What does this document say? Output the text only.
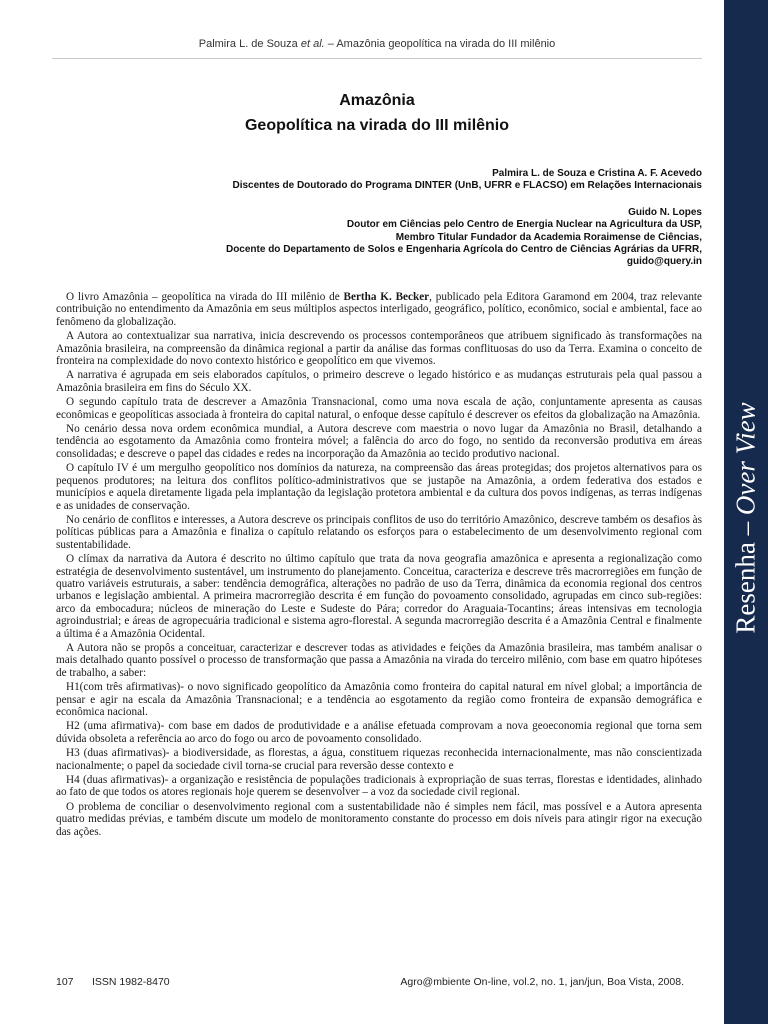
Palmira L. de Souza et al. – Amazônia geopolítica na virada do III milênio
Amazônia
Geopolítica na virada do III milênio
Palmira L. de Souza e Cristina A. F. Acevedo
Discentes de Doutorado do Programa DINTER (UnB, UFRR e FLACSO) em Relações Internacionais
Guido N. Lopes
Doutor em Ciências pelo Centro de Energia Nuclear na Agricultura da USP,
Membro Titular Fundador da Academia Roraimense de Ciências,
Docente do Departamento de Solos e Engenharia Agrícola do Centro de Ciências Agrárias da UFRR,
guido@query.in

O livro Amazônia – geopolítica na virada do III milênio de Bertha K. Becker, publicado pela Editora Garamond em 2004, traz relevante contribuição no entendimento da Amazônia em seus múltiplos aspectos interligado, geográfico, político, econômico, social e ambiental, face ao fenômeno da globalização.

A Autora ao contextualizar sua narrativa, inicia descrevendo os processos contemporâneos que atribuem significado às transformações na Amazônia brasileira, na compreensão da dinâmica regional a partir da análise das formas conflituosas do uso da Terra. Examina o conceito de fronteira na complexidade do novo contexto histórico e geopolítico em que vivemos.

A narrativa é agrupada em seis elaborados capítulos, o primeiro descreve o legado histórico e as mudanças estruturais pela qual passou a Amazônia brasileira em fins do Século XX.

O segundo capítulo trata de descrever a Amazônia Transnacional, como uma nova escala de ação, conjuntamente apresenta as causas econômicas e geopolíticas associada à fronteira do capital natural, o enfoque desse capítulo é descrever os efeitos da globalização na Amazônia.

No cenário dessa nova ordem econômica mundial, a Autora descreve com maestria o novo lugar da Amazônia no Brasil, detalhando a tendência ao esgotamento da Amazônia como fronteira móvel; a falência do arco do fogo, no sentido da reconversão produtiva em áreas consolidadas; e descreve o papel das cidades e redes na incorporação da Amazônia ao tecido produtivo nacional.

O capítulo IV é um mergulho geopolítico nos domínios da natureza, na compreensão das áreas protegidas; dos projetos alternativos para os pequenos produtores; na leitura dos conflitos político-administrativos que se justapõe na Amazônia, a ordem federativa dos estados e municípios e aquela diretamente ligada pela implantação da legislação protetora ambiental e da cultura dos povos indígenas, as terras indígenas e as unidades de conservação.

No cenário de conflitos e interesses, a Autora descreve os principais conflitos de uso do território Amazônico, descreve também os desafios às políticas públicas para a Amazônia e finaliza o capítulo relatando os esforços para o estabelecimento de um desenvolvimento regional com sustentabilidade.

O clímax da narrativa da Autora é descrito no último capítulo que trata da nova geografia amazônica e apresenta a regionalização como estratégia de desenvolvimento sustentável, um instrumento do planejamento. Conceitua, caracteriza e descreve três macrorregiões em função de quatro variáveis estruturais, a saber: tendência demográfica, alterações no padrão de uso da Terra, dinâmica da economia regional dos centros urbanos e legislação ambiental. A primeira macrorregião descrita é em função do povoamento consolidado, agrupadas em cinco sub-regiões: arco da embocadura; núcleos de mineração do Leste e Sudeste do Pára; corredor do Araguaia-Tocantins; áreas intensivas em tecnologia agroindustrial; e áreas de agropecuária tradicional e sistema agro-florestal. A segunda macrorregião descrita é a Amazônia Central e finalmente a última é a Amazônia Ocidental.

A Autora não se propôs a conceituar, caracterizar e descrever todas as atividades e feições da Amazônia brasileira, mas também analisar o mais detalhado quanto possível o processo de transformação que passa a Amazônia na virada do terceiro milênio, com base em quatro hipóteses de trabalho, a saber:

H1(com três afirmativas)- o novo significado geopolítico da Amazônia como fronteira do capital natural em nível global; a importância de pensar e agir na escala da Amazônia Transnacional; e a tendência ao esgotamento da região como fronteira de expansão demográfica e econômica nacional.

H2 (uma afirmativa)- com base em dados de produtividade e a análise efetuada comprovam a nova geoeconomia regional que torna sem dúvida obsoleta a referência ao arco do fogo ou arco de povoamento consolidado.

H3 (duas afirmativas)- a biodiversidade, as florestas, a água, constituem riquezas reconhecida internacionalmente, mas não conscientizada nacionalmente; o papel da sociedade civil torna-se crucial para reversão desse contexto e

H4 (duas afirmativas)- a organização e resistência de populações tradicionais à expropriação de suas terras, florestas e identidades, alinhado ao fato de que todos os atores regionais hoje querem se desenvolver – a voz da sociedade civil regional.

O problema de conciliar o desenvolvimento regional com a sustentabilidade não é simples nem fácil, mas possível e a Autora apresenta quatro medidas prévias, e também discute um modelo de monitoramento constante do processo em dois níveis para atingir rigor na execução das ações.

107 ISSN 1982-8470	Agro@mbiente On-line, vol.2, no. 1, jan/jun, Boa Vista, 2008.
Resenha – Over View
